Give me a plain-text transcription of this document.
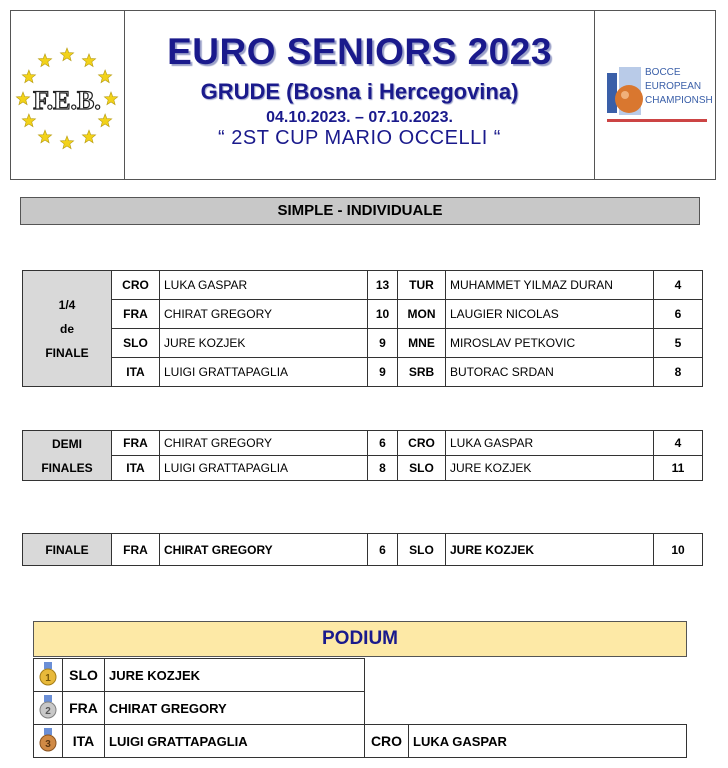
F.E.B.
EURO SENIORS 2023
GRUDE (Bosna i Hercegovina)
04.10.2023. – 07.10.2023.
“ 2ST CUP MARIO OCCELLI “
BOCCE
EUROPEAN
CHAMPIONSHI
SIMPLE - INDIVIDUALE
1/4
de
FINALE	CRO	LUKA GASPAR	13	TUR	MUHAMMET YILMAZ DURAN	4
	FRA	CHIRAT GREGORY	10	MON	LAUGIER NICOLAS	6
	SLO	JURE KOZJEK	9	MNE	MIROSLAV PETKOVIC	5
	ITA	LUIGI GRATTAPAGLIA	9	SRB	BUTORAC SRDAN	8
DEMI
FINALES	FRA	CHIRAT GREGORY	6	CRO	LUKA GASPAR	4
	ITA	LUIGI GRATTAPAGLIA	8	SLO	JURE KOZJEK	11
FINALE	FRA	CHIRAT GREGORY	6	SLO	JURE KOZJEK	10
PODIUM
1	SLO	JURE KOZJEK		

2	FRA	CHIRAT GREGORY		

3	ITA	LUIGI GRATTAPAGLIA	CRO	LUKA GASPAR
